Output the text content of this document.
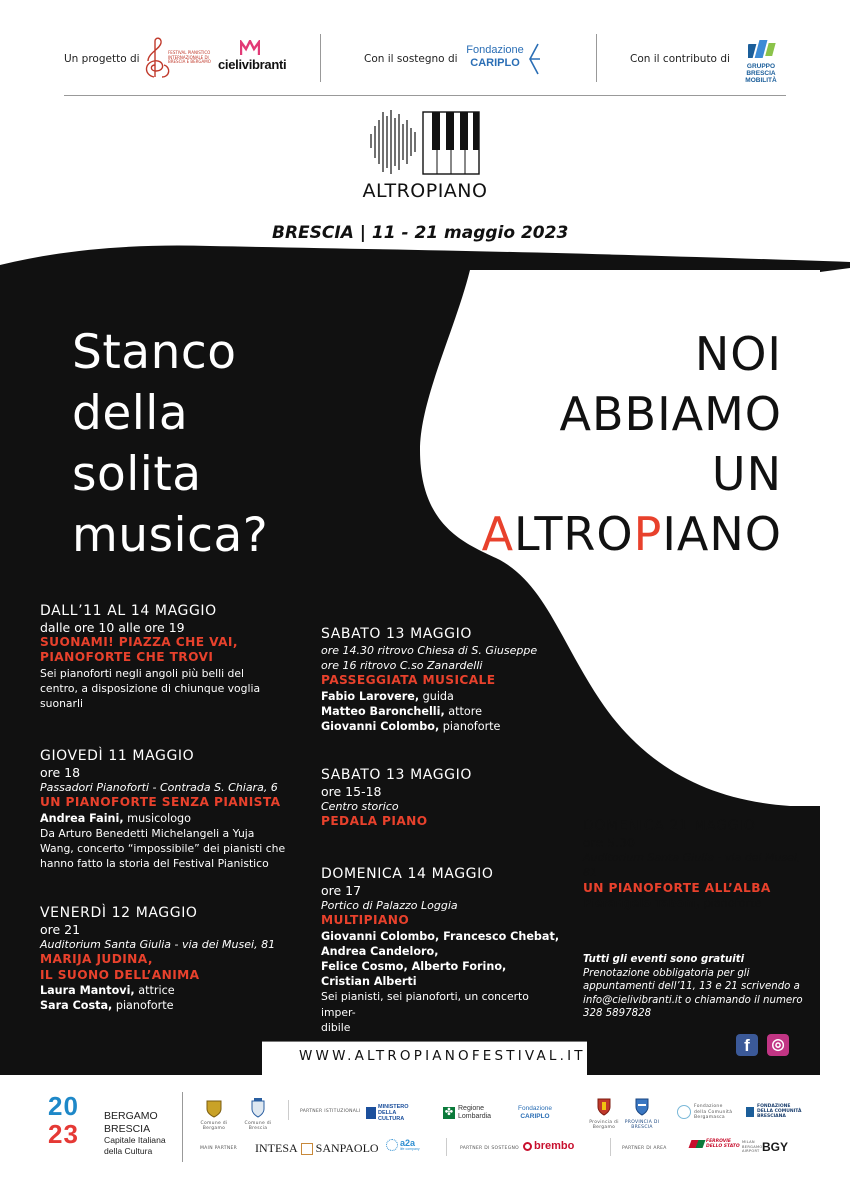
Un progetto di
FESTIVAL PIANISTICO INTERNAZIONALE DI BRESCIA E BERGAMO cielivibranti	Con il sostegno di
Fondazione
CARIPLO	Con il contributo di
GRUPPO
BRESCIA MOBILITÀ
ALTROPIANO
BRESCIA | 11 - 21 maggio 2023
Stanco
della
solita
musica?
NOI
ABBIAMO
UN
ALTROPIANO
DALL’11 AL 14 MAGGIO
dalle ore 10 alle ore 19
SUONAMI! PIAZZA CHE VAI,
PIANOFORTE CHE TROVI
Sei pianoforti negli angoli più belli del
centro, a disposizione di chiunque voglia
suonarli
GIOVEDÌ 11 MAGGIO
ore 18
Passadori Pianoforti - Contrada S. Chiara, 6
UN PIANOFORTE SENZA PIANISTA
Andrea Faini, musicologo
Da Arturo Benedetti Michelangeli a Yuja
Wang, concerto “impossibile” dei pianisti che
hanno fatto la storia del Festival Pianistico
VENERDÌ 12 MAGGIO
ore 21
Auditorium Santa Giulia - via dei Musei, 81
MARIJA JUDINA,
IL SUONO DELL’ANIMA
Laura Mantovi, attrice
Sara Costa, pianoforte
SABATO 13 MAGGIO
ore 14.30 ritrovo Chiesa di S. Giuseppe
ore 16 ritrovo C.so Zanardelli
PASSEGGIATA MUSICALE
Fabio Larovere, guida
Matteo Baronchelli, attore
Giovanni Colombo, pianoforte
SABATO 13 MAGGIO
ore 15-18
Centro storico
PEDALA PIANO
DOMENICA 14 MAGGIO
ore 17
Portico di Palazzo Loggia
MULTIPIANO
Giovanni Colombo, Francesco Chebat,
Andrea Candeloro,
Felice Cosmo, Alberto Forino,
Cristian Alberti
Sei pianisti, sei pianoforti, un concerto imper-
dibile
DOMENICA 21 MAGGIO
ore 5.30
Auditorium Santa Giulia - via dei Musei,
81
UN PIANOFORTE ALL’ALBA
Pierangelo Taboni, pianoforte
Tutti gli eventi sono gratuiti
Prenotazione obbligatoria per gli
appuntamenti dell’11, 13 e 21 scrivendo a
info@cielivibranti.it o chiamando il numero
328 5897828
WWW.ALTROPIANOFESTIVAL.IT
f	◎
20
23
BERGAMO
BRESCIA
Capitale Italiana
della Cultura
Comune di Bergamo
Comune di Brescia
PARTNER ISTITUZIONALI
MINISTERO
DELLA
CULTURA
✤ Regione
Lombardia
Fondazione
CARIPLO
Provincia di Bergamo
PROVINCIA DI BRESCIA
Fondazione della Comunità Bergamasca
FONDAZIONE
DELLA COMUNITÀ
BRESCIANA
MAIN PARTNER INTESA SANPAOLO a2a
life company	PARTNER DI SOSTEGNO brembo	PARTNER DI AREA
FERROVIE
DELLO STATO
MILAN BERGAMO AIRPORT BGY
